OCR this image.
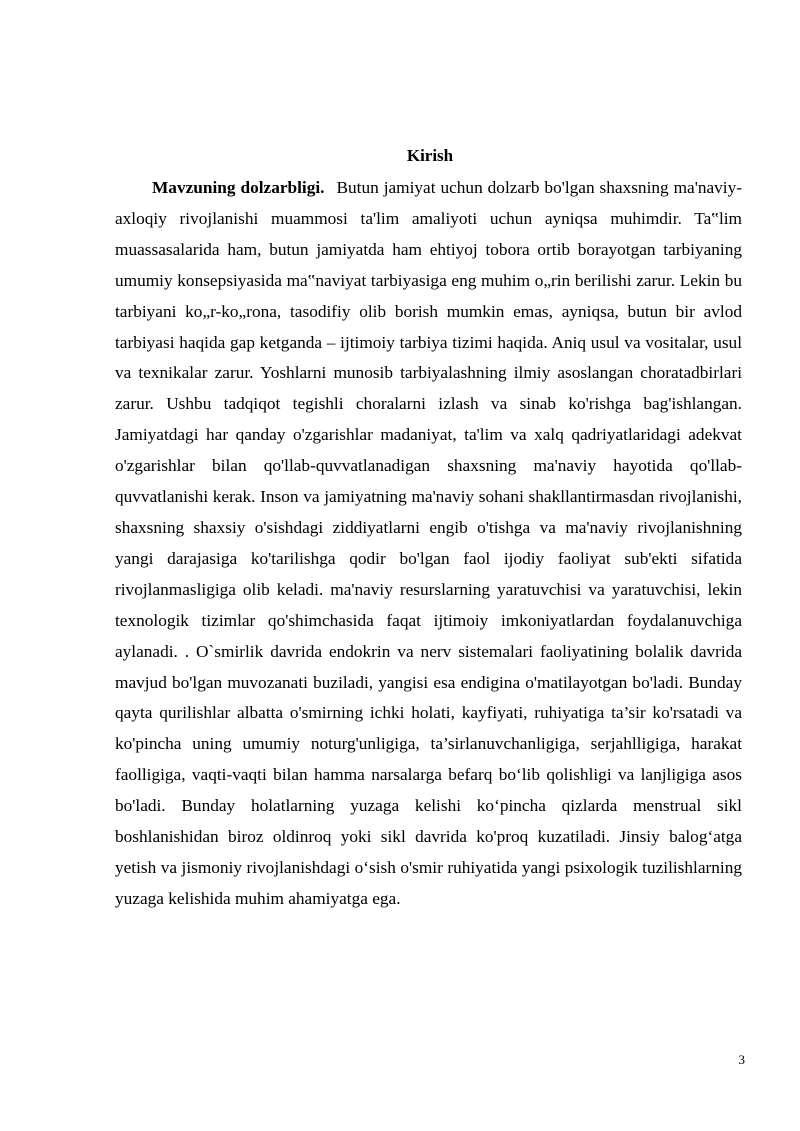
Kirish

Mavzuning dolzarbligi. Butun jamiyat uchun dolzarb bo'lgan shaxsning ma'naviy-axloqiy rivojlanishi muammosi ta'lim amaliyoti uchun ayniqsa muhimdir. Ta‟lim muassasalarida ham, butun jamiyatda ham ehtiyoj tobora ortib borayotgan tarbiyaning umumiy konsepsiyasida ma‟naviyat tarbiyasiga eng muhim o„rin berilishi zarur. Lekin bu tarbiyani ko„r-ko„rona, tasodifiy olib borish mumkin emas, ayniqsa, butun bir avlod tarbiyasi haqida gap ketganda – ijtimoiy tarbiya tizimi haqida. Aniq usul va vositalar, usul va texnikalar zarur. Yoshlarni munosib tarbiyalashning ilmiy asoslangan choratadbirlari zarur. Ushbu tadqiqot tegishli choralarni izlash va sinab ko'rishga bag'ishlangan. Jamiyatdagi har qanday o'zgarishlar madaniyat, ta'lim va xalq qadriyatlaridagi adekvat o'zgarishlar bilan qo'llab-quvvatlanadigan shaxsning ma'naviy hayotida qo'llab-quvvatlanishi kerak. Inson va jamiyatning ma'naviy sohani shakllantirmasdan rivojlanishi, shaxsning shaxsiy o'sishdagi ziddiyatlarni engib o'tishga va ma'naviy rivojlanishning yangi darajasiga ko'tarilishga qodir bo'lgan faol ijodiy faoliyat sub'ekti sifatida rivojlanmasligiga olib keladi. ma'naviy resurslarning yaratuvchisi va yaratuvchisi, lekin texnologik tizimlar qo'shimchasida faqat ijtimoiy imkoniyatlardan foydalanuvchiga aylanadi. . O`smirlik davrida endokrin va nerv sistemalari faoliyatining bolalik davrida mavjud bo'lgan muvozanati buziladi, yangisi esa endigina o'matilayotgan bo'ladi. Bunday qayta qurilishlar albatta o'smirning ichki holati, kayfiyati, ruhiyatiga ta’sir ko'rsatadi va ko'pincha uning umumiy noturg'unligiga, ta’sirlanuvchanligiga, serjahlligiga, harakat faolligiga, vaqti-vaqti bilan hamma narsalarga befarq bo‘lib qolishligi va lanjligiga asos bo'ladi. Bunday holatlarning yuzaga kelishi ko‘pincha qizlarda menstrual sikl boshlanishidan biroz oldinroq yoki sikl davrida ko'proq kuzatiladi. Jinsiy balog‘atga yetish va jismoniy rivojlanishdagi o‘sish o'smir ruhiyatida yangi psixologik tuzilishlarning yuzaga kelishida muhim ahamiyatga ega.

3
